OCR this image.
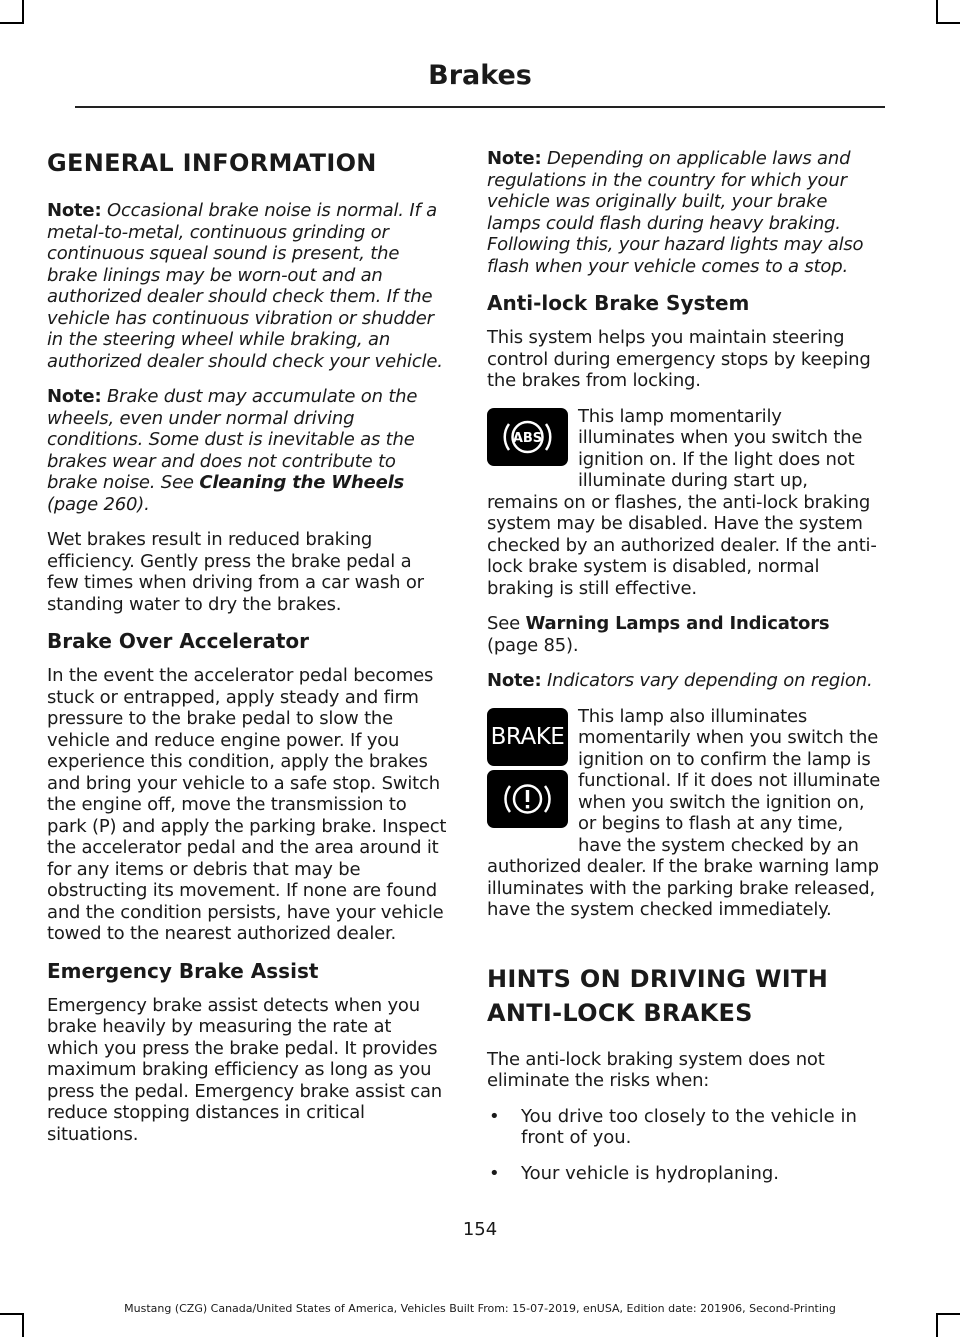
Brakes
GENERAL INFORMATION

Note: Occasional brake noise is normal. If a metal-to-metal, continuous grinding or continuous squeal sound is present, the brake linings may be worn-out and an authorized dealer should check them. If the vehicle has continuous vibration or shudder in the steering wheel while braking, an authorized dealer should check your vehicle.

Note: Brake dust may accumulate on the wheels, even under normal driving conditions. Some dust is inevitable as the brakes wear and does not contribute to brake noise. See Cleaning the Wheels (page 260).

Wet brakes result in reduced braking efficiency. Gently press the brake pedal a few times when driving from a car wash or standing water to dry the brakes.

Brake Over Accelerator

In the event the accelerator pedal becomes stuck or entrapped, apply steady and firm pressure to the brake pedal to slow the vehicle and reduce engine power. If you experience this condition, apply the brakes and bring your vehicle to a safe stop. Switch the engine off, move the transmission to park (P) and apply the parking brake. Inspect the accelerator pedal and the area around it for any items or debris that may be obstructing its movement. If none are found and the condition persists, have your vehicle towed to the nearest authorized dealer.

Emergency Brake Assist

Emergency brake assist detects when you brake heavily by measuring the rate at which you press the brake pedal. It provides maximum braking efficiency as long as you press the pedal. Emergency brake assist can reduce stopping distances in critical situations.

Note: Depending on applicable laws and regulations in the country for which your vehicle was originally built, your brake lamps could flash during heavy braking. Following this, your hazard lights may also flash when your vehicle comes to a stop.

Anti-lock Brake System

This system helps you maintain steering control during emergency stops by keeping the brakes from locking.

ABS

This lamp momentarily illuminates when you switch the ignition on. If the light does not illuminate during start up, remains on or flashes, the anti-lock braking system may be disabled. Have the system checked by an authorized dealer. If the anti-lock brake system is disabled, normal braking is still effective.

See Warning Lamps and Indicators (page 85).

Note: Indicators vary depending on region.

BRAKE

This lamp also illuminates momentarily when you switch the ignition on to confirm the lamp is functional. If it does not illuminate when you switch the ignition on, or begins to flash at any time, have the system checked by an authorized dealer. If the brake warning lamp illuminates with the parking brake released, have the system checked immediately.

HINTS ON DRIVING WITH
ANTI-LOCK BRAKES

The anti-lock braking system does not eliminate the risks when:

• You drive too closely to the vehicle in front of you.
• Your vehicle is hydroplaning.
154
Mustang (CZG) Canada/United States of America, Vehicles Built From: 15-07-2019, enUSA, Edition date: 201906, Second-Printing
